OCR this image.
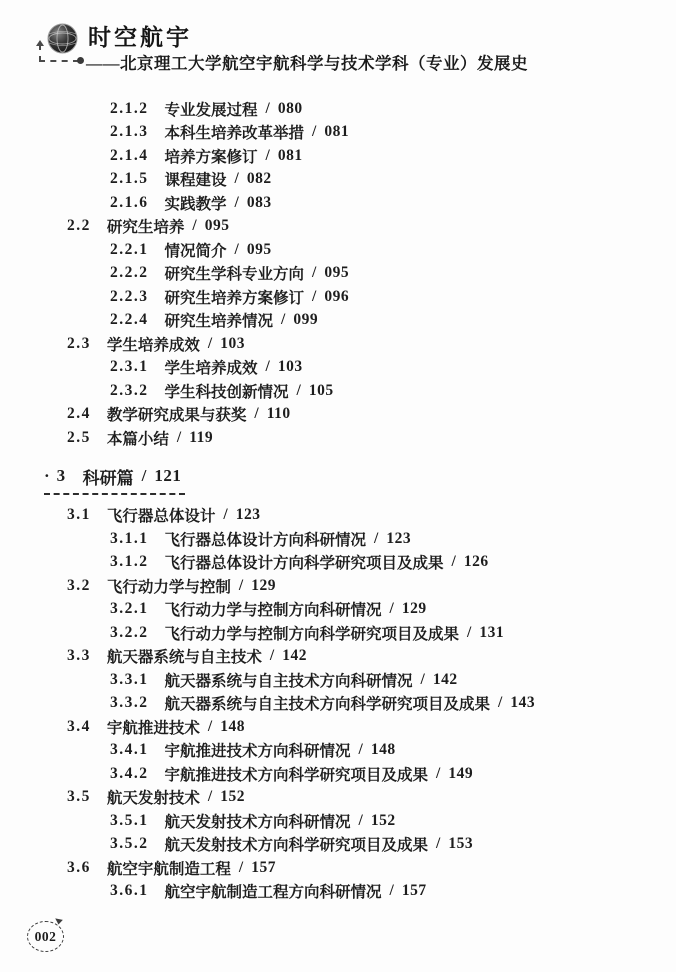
时空航宇
——北京理工大学航空宇航科学与技术学科（专业）发展史
2.1.2 专业发展过程 / 080
2.1.3 本科生培养改革举措 / 081
2.1.4 培养方案修订 / 081
2.1.5 课程建设 / 082
2.1.6 实践教学 / 083
2.2 研究生培养 / 095
2.2.1 情况简介 / 095
2.2.2 研究生学科专业方向 / 095
2.2.3 研究生培养方案修订 / 096
2.2.4 研究生培养情况 / 099
2.3 学生培养成效 / 103
2.3.1 学生培养成效 / 103
2.3.2 学生科技创新情况 / 105
2.4 教学研究成果与获奖 / 110
2.5 本篇小结 / 119
· 3 科研篇 / 121
3.1 飞行器总体设计 / 123
3.1.1 飞行器总体设计方向科研情况 / 123
3.1.2 飞行器总体设计方向科学研究项目及成果 / 126
3.2 飞行动力学与控制 / 129
3.2.1 飞行动力学与控制方向科研情况 / 129
3.2.2 飞行动力学与控制方向科学研究项目及成果 / 131
3.3 航天器系统与自主技术 / 142
3.3.1 航天器系统与自主技术方向科研情况 / 142
3.3.2 航天器系统与自主技术方向科学研究项目及成果 / 143
3.4 宇航推进技术 / 148
3.4.1 宇航推进技术方向科研情况 / 148
3.4.2 宇航推进技术方向科学研究项目及成果 / 149
3.5 航天发射技术 / 152
3.5.1 航天发射技术方向科研情况 / 152
3.5.2 航天发射技术方向科学研究项目及成果 / 153
3.6 航空宇航制造工程 / 157
3.6.1 航空宇航制造工程方向科研情况 / 157
002
